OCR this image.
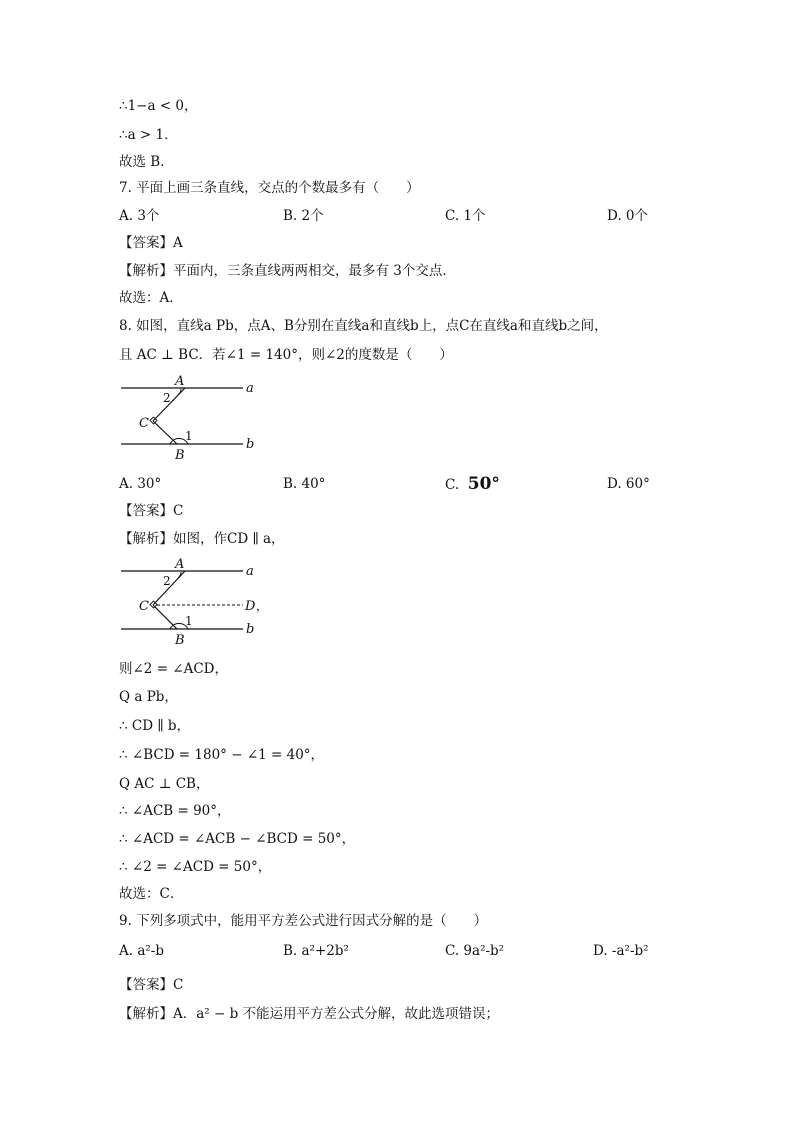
∴1−a < 0，
∴a > 1．
故选 B．
7. 平面上画三条直线，交点的个数最多有（　　）
A. 3个	B. 2个	C. 1个	D. 0个
【答案】A
【解析】平面内，三条直线两两相交，最多有 3个交点．
故选：A．
8. 如图，直线a Pb，点A、B分别在直线a和直线b上，点C在直线a和直线b之间，
且 AC ⊥ BC．若∠1 = 140°，则∠2的度数是（　　）
a
b
A
B
C
1
2
A. 30°	B. 40°	C. 50°	D. 60°
【答案】C
【解析】如图，作CD ∥ a，
a
b
A
B
C	D ，
1
2
则∠2 = ∠ACD，
Q a Pb，
∴ CD ∥ b，
∴ ∠BCD = 180° − ∠1 = 40°，
Q AC ⊥ CB，
∴ ∠ACB = 90°，
∴ ∠ACD = ∠ACB − ∠BCD = 50°，
∴ ∠2 = ∠ACD = 50°，
故选：C．
9. 下列多项式中，能用平方差公式进行因式分解的是（　　）
A. a²-b	B. a²+2b²	C. 9a²-b²	D. -a²-b²
【答案】C
【解析】A．a² − b 不能运用平方差公式分解，故此选项错误；
